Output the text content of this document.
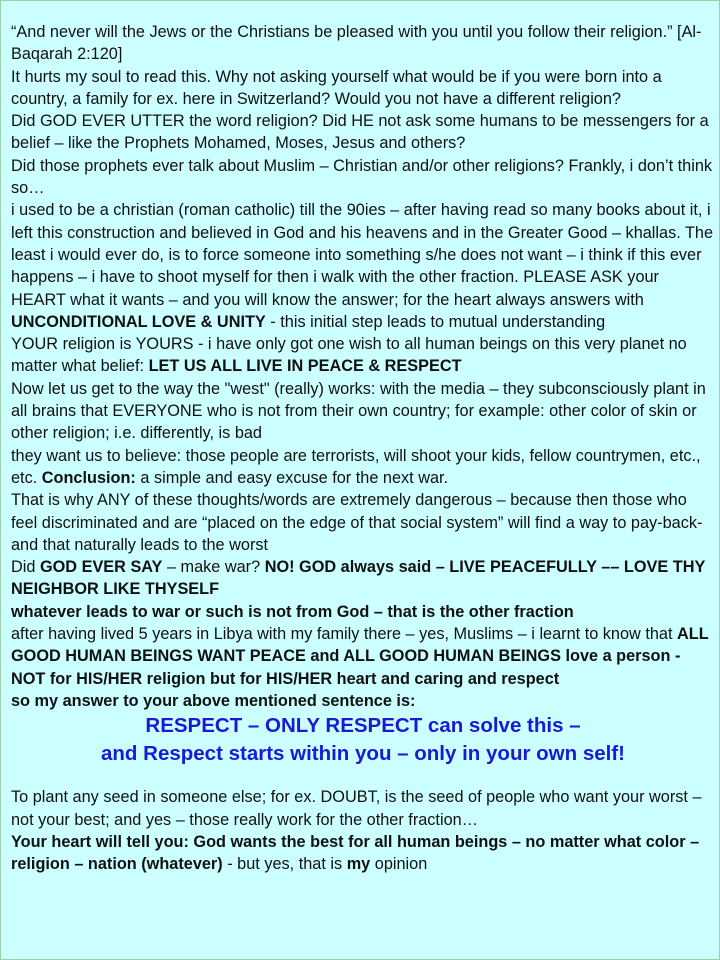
“And never will the Jews or the Christians be pleased with you until you follow their religion.” [Al-Baqarah 2:120]

It hurts my soul to read this. Why not asking yourself what would be if you were born into a country, a family for ex. here in Switzerland? Would you not have a different religion?

Did GOD EVER UTTER the word religion? Did HE not ask some humans to be messengers for a belief – like the Prophets Mohamed, Moses, Jesus and others?

Did those prophets ever talk about Muslim – Christian and/or other religions? Frankly, i don’t think so…

i used to be a christian (roman catholic) till the 90ies – after having read so many books about it, i left this construction and believed in God and his heavens and in the Greater Good – khallas. The least i would ever do, is to force someone into something s/he does not want – i think if this ever happens – i have to shoot myself for then i walk with the other fraction. PLEASE ASK your HEART what it wants – and you will know the answer; for the heart always answers with UNCONDITIONAL LOVE & UNITY - this initial step leads to mutual understanding

YOUR religion is YOURS - i have only got one wish to all human beings on this very planet no matter what belief: LET US ALL LIVE IN PEACE & RESPECT

Now let us get to the way the "west" (really) works: with the media – they subconsciously plant in all brains that EVERYONE who is not from their own country; for example: other color of skin or other religion; i.e. differently, is bad

they want us to believe: those people are terrorists, will shoot your kids, fellow countrymen, etc., etc. Conclusion: a simple and easy excuse for the next war.

That is why ANY of these thoughts/words are extremely dangerous – because then those who feel discriminated and are “placed on the edge of that social system” will find a way to pay-back- and that naturally leads to the worst

Did GOD EVER SAY – make war? NO! GOD always said – LIVE PEACEFULLY –– LOVE THY NEIGHBOR LIKE THYSELF

whatever leads to war or such is not from God – that is the other fraction

after having lived 5 years in Libya with my family there – yes, Muslims – i learnt to know that ALL GOOD HUMAN BEINGS WANT PEACE and ALL GOOD HUMAN BEINGS love a person - NOT for HIS/HER religion but for HIS/HER heart and caring and respect

so my answer to your above mentioned sentence is:

RESPECT – ONLY RESPECT can solve this –

and Respect starts within you – only in your own self!

To plant any seed in someone else; for ex. DOUBT, is the seed of people who want your worst – not your best; and yes – those really work for the other fraction…

Your heart will tell you: God wants the best for all human beings – no matter what color – religion – nation (whatever) - but yes, that is my opinion
